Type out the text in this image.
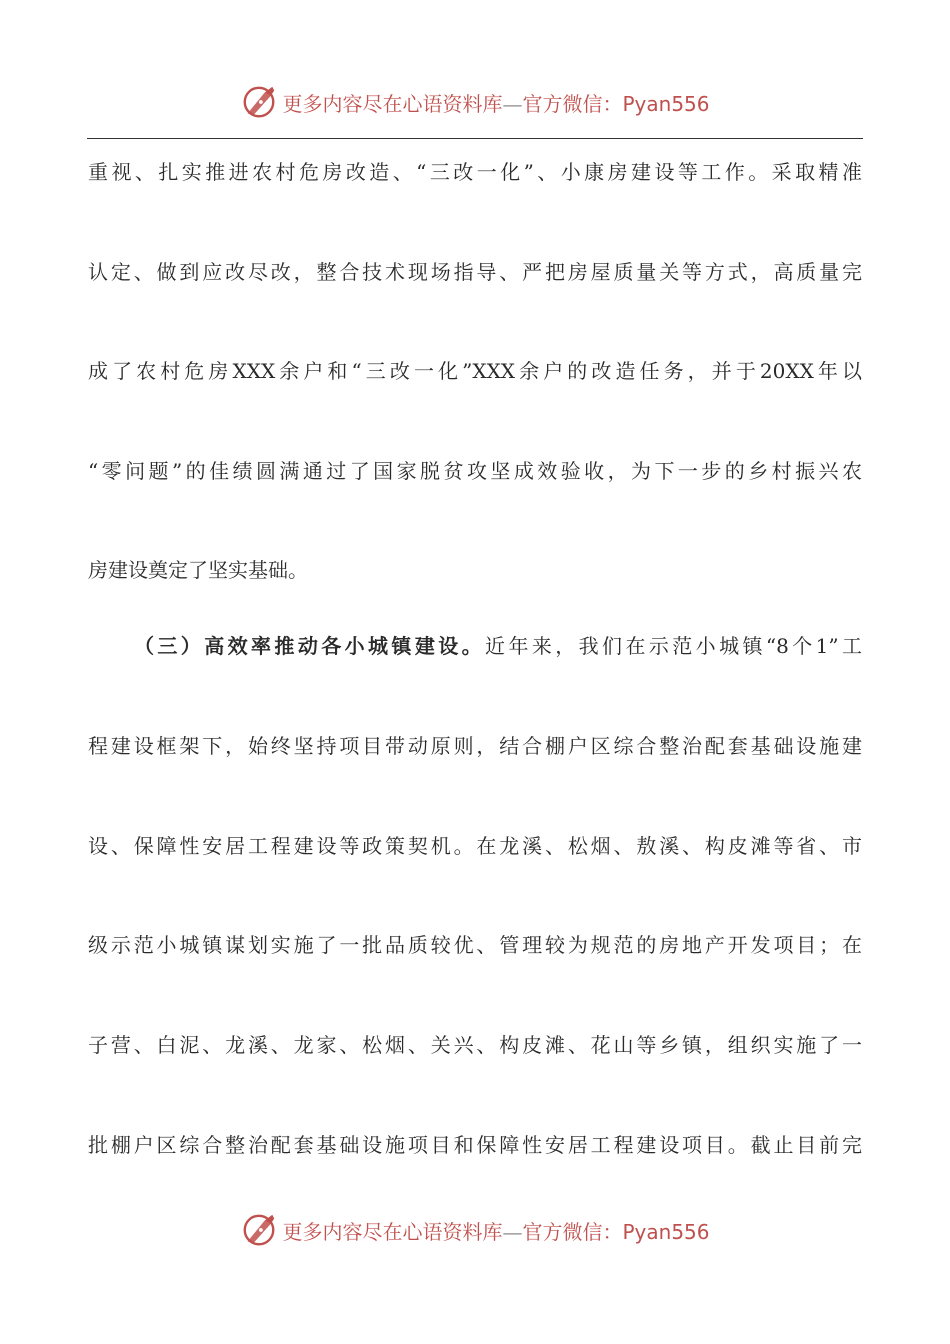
更多内容尽在心语资料库—官方微信：Pyan556
重视、扎实推进农村危房改造、“三改一化”、小康房建设等工作。采取精准
认定、做到应改尽改，整合技术现场指导、严把房屋质量关等方式，高质量完
成了农村危房XXX余户和“三改一化”XXX余户的改造任务，并于20XX年以
“零问题”的佳绩圆满通过了国家脱贫攻坚成效验收，为下一步的乡村振兴农
房建设奠定了坚实基础。
（三）高效率推动各小城镇建设。近年来，我们在示范小城镇“8个1”工
程建设框架下，始终坚持项目带动原则，结合棚户区综合整治配套基础设施建
设、保障性安居工程建设等政策契机。在龙溪、松烟、敖溪、构皮滩等省、市
级示范小城镇谋划实施了一批品质较优、管理较为规范的房地产开发项目；在
子营、白泥、龙溪、龙家、松烟、关兴、构皮滩、花山等乡镇，组织实施了一
批棚户区综合整治配套基础设施项目和保障性安居工程建设项目。截止目前完
更多内容尽在心语资料库—官方微信：Pyan556
